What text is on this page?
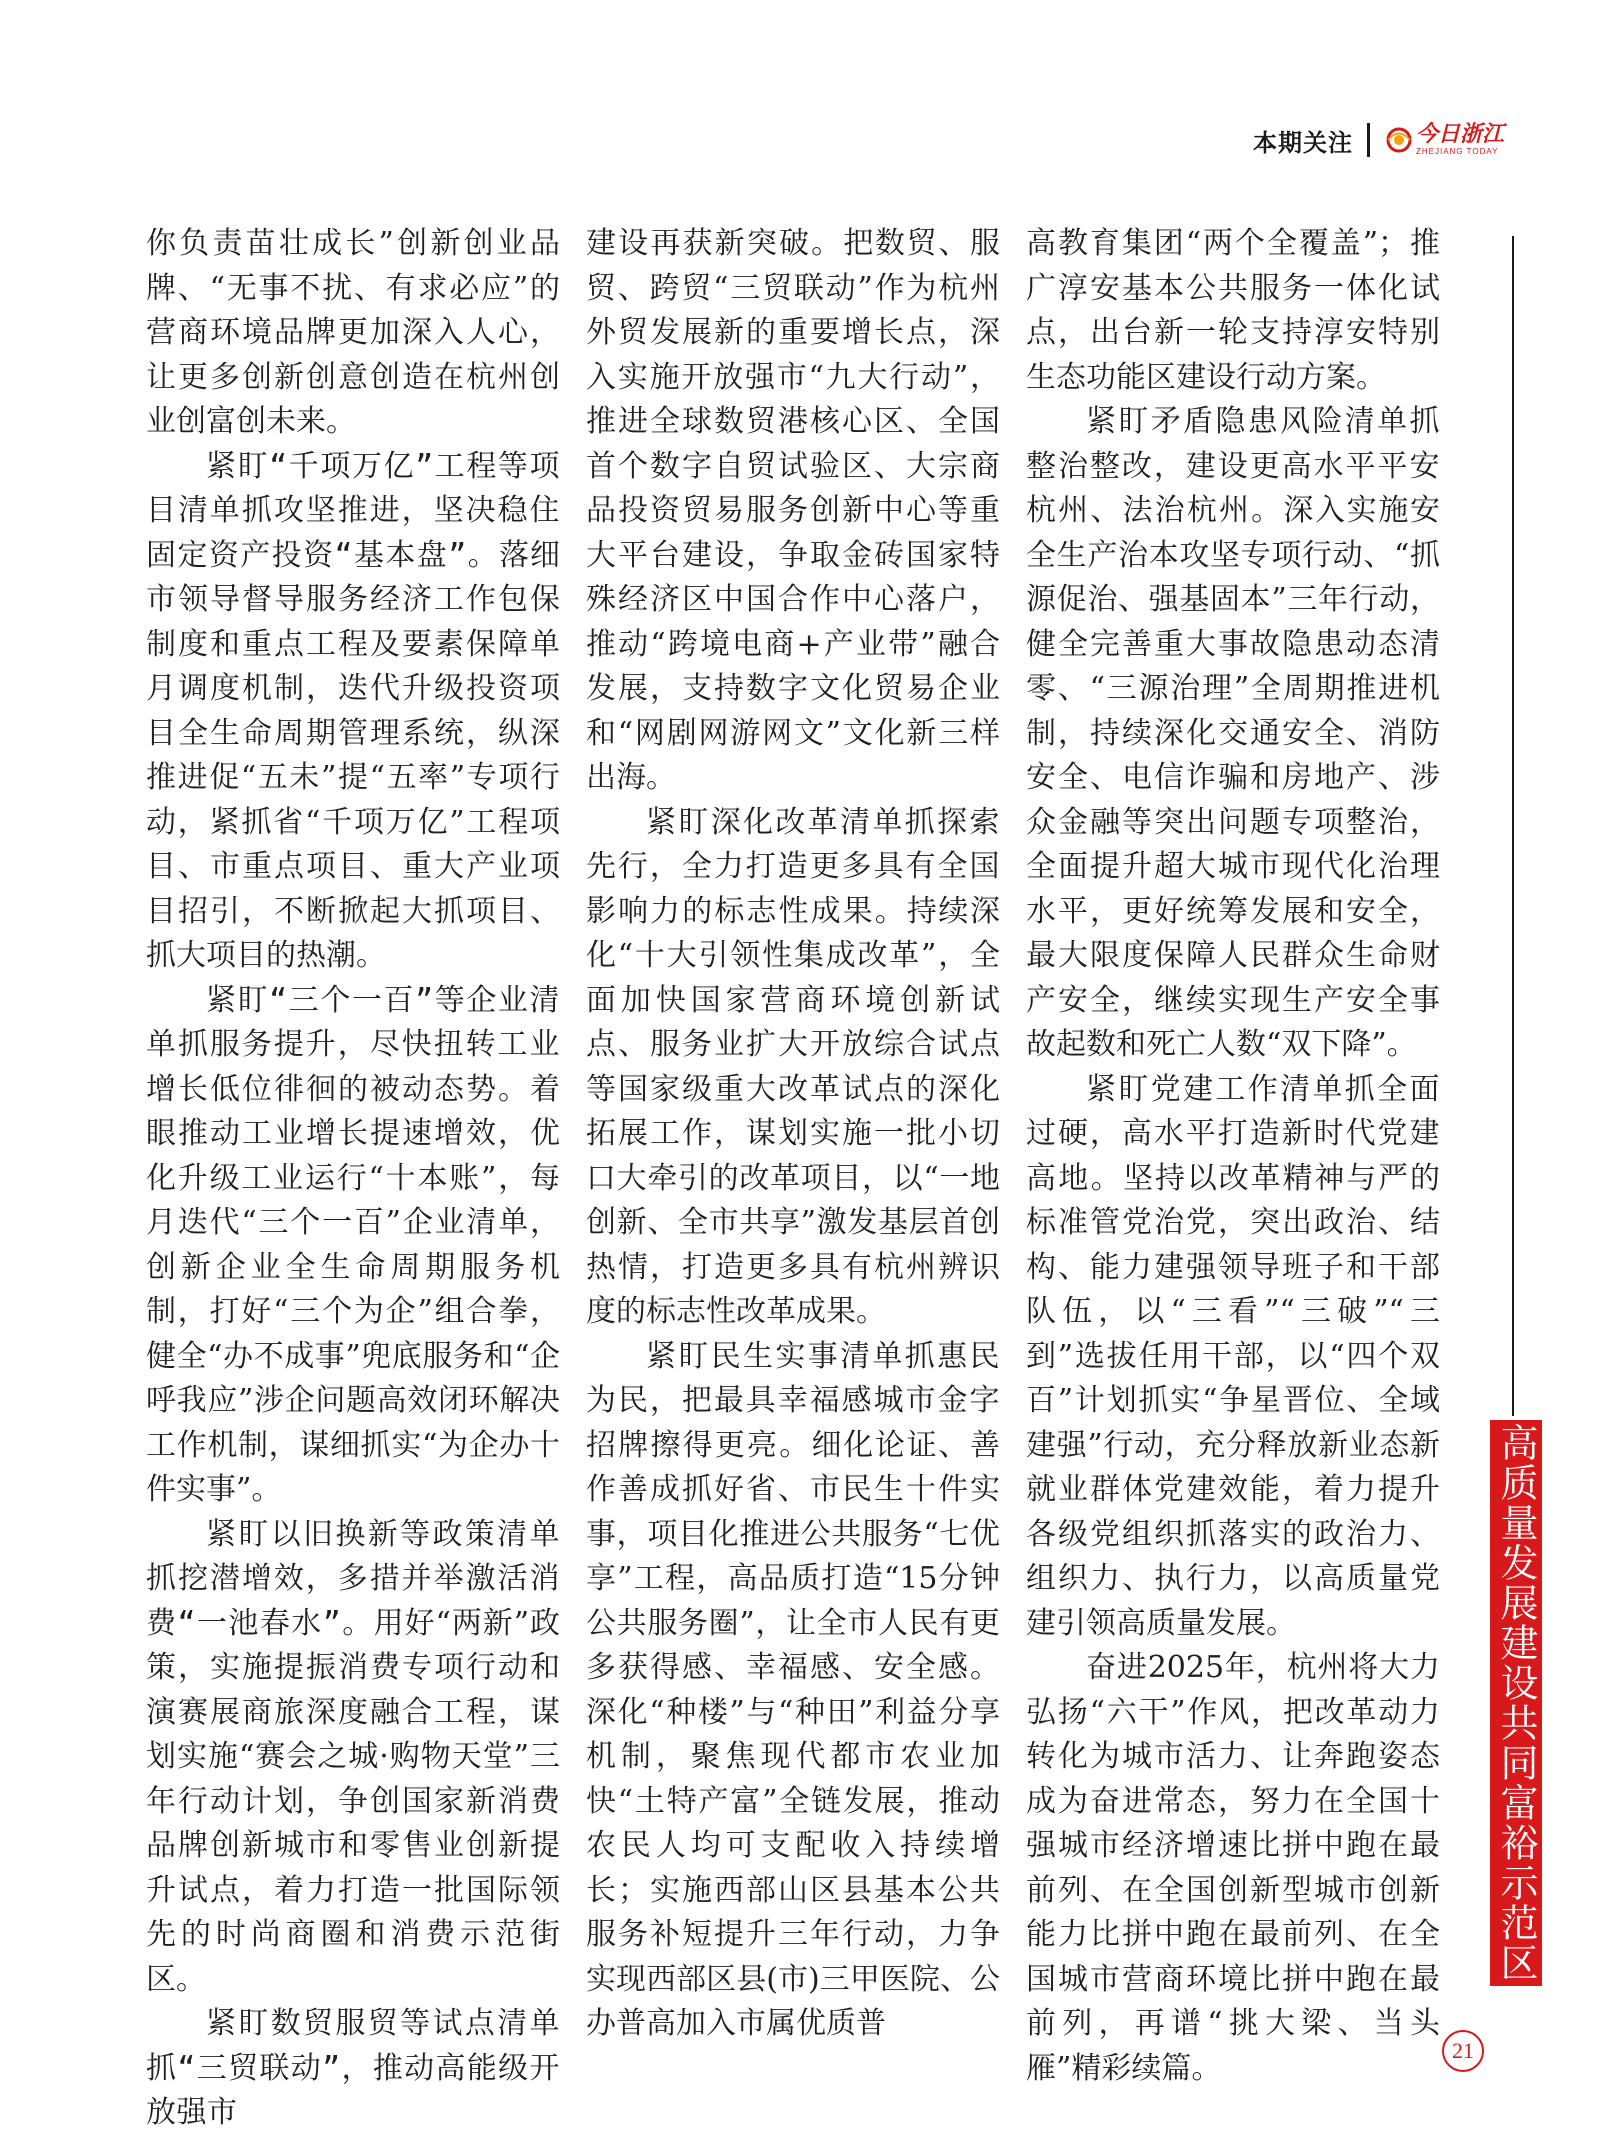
本期关注	今日浙江
ZHEJIANG TODAY

你负责苗壮成长”创新创业品牌、“无事不扰、有求必应”的营商环境品牌更加深入人心，让更多创新创意创造在杭州创业创富创未来。

紧盯“千项万亿”工程等项目清单抓攻坚推进，坚决稳住固定资产投资“基本盘”。落细市领导督导服务经济工作包保制度和重点工程及要素保障单月调度机制，迭代升级投资项目全生命周期管理系统，纵深推进促“五未”提“五率”专项行动，紧抓省“千项万亿”工程项目、市重点项目、重大产业项目招引，不断掀起大抓项目、抓大项目的热潮。

紧盯“三个一百”等企业清单抓服务提升，尽快扭转工业增长低位徘徊的被动态势。着眼推动工业增长提速增效，优化升级工业运行“十本账”，每月迭代“三个一百”企业清单，创新企业全生命周期服务机制，打好“三个为企”组合拳，健全“办不成事”兜底服务和“企呼我应”涉企问题高效闭环解决工作机制，谋细抓实“为企办十件实事”。

紧盯以旧换新等政策清单抓挖潜增效，多措并举激活消费“一池春水”。用好“两新”政策，实施提振消费专项行动和演赛展商旅深度融合工程，谋划实施“赛会之城·购物天堂”三年行动计划，争创国家新消费品牌创新城市和零售业创新提升试点，着力打造一批国际领先的时尚商圈和消费示范街区。

紧盯数贸服贸等试点清单抓“三贸联动”，推动高能级开放强市

建设再获新突破。把数贸、服贸、跨贸“三贸联动”作为杭州外贸发展新的重要增长点，深入实施开放强市“九大行动”，推进全球数贸港核心区、全国首个数字自贸试验区、大宗商品投资贸易服务创新中心等重大平台建设，争取金砖国家特殊经济区中国合作中心落户，推动“跨境电商+产业带”融合发展，支持数字文化贸易企业和“网剧网游网文”文化新三样出海。

紧盯深化改革清单抓探索先行，全力打造更多具有全国影响力的标志性成果。持续深化“十大引领性集成改革”，全面加快国家营商环境创新试点、服务业扩大开放综合试点等国家级重大改革试点的深化拓展工作，谋划实施一批小切口大牵引的改革项目，以“一地创新、全市共享”激发基层首创热情，打造更多具有杭州辨识度的标志性改革成果。

紧盯民生实事清单抓惠民为民，把最具幸福感城市金字招牌擦得更亮。细化论证、善作善成抓好省、市民生十件实事，项目化推进公共服务“七优享”工程，高品质打造“15分钟公共服务圈”，让全市人民有更多获得感、幸福感、安全感。深化“种楼”与“种田”利益分享机制，聚焦现代都市农业加快“土特产富”全链发展，推动农民人均可支配收入持续增长；实施西部山区县基本公共服务补短提升三年行动，力争实现西部区县(市)三甲医院、公办普高加入市属优质普

高教育集团“两个全覆盖”；推广淳安基本公共服务一体化试点，出台新一轮支持淳安特别生态功能区建设行动方案。

紧盯矛盾隐患风险清单抓整治整改，建设更高水平平安杭州、法治杭州。深入实施安全生产治本攻坚专项行动、“抓源促治、强基固本”三年行动，健全完善重大事故隐患动态清零、“三源治理”全周期推进机制，持续深化交通安全、消防安全、电信诈骗和房地产、涉众金融等突出问题专项整治，全面提升超大城市现代化治理水平，更好统筹发展和安全，最大限度保障人民群众生命财产安全，继续实现生产安全事故起数和死亡人数“双下降”。

紧盯党建工作清单抓全面过硬，高水平打造新时代党建高地。坚持以改革精神与严的标准管党治党，突出政治、结构、能力建强领导班子和干部队伍，以“三看”“三破”“三到”选拔任用干部，以“四个双百”计划抓实“争星晋位、全域建强”行动，充分释放新业态新就业群体党建效能，着力提升各级党组织抓落实的政治力、组织力、执行力，以高质量党建引领高质量发展。

奋进2025年，杭州将大力弘扬“六干”作风，把改革动力转化为城市活力、让奔跑姿态成为奋进常态，努力在全国十强城市经济增速比拼中跑在最前列、在全国创新型城市创新能力比拼中跑在最前列、在全国城市营商环境比拼中跑在最前列，再谱“挑大梁、当头雁”精彩续篇。

高质量发展建设共同富裕示范区
21
